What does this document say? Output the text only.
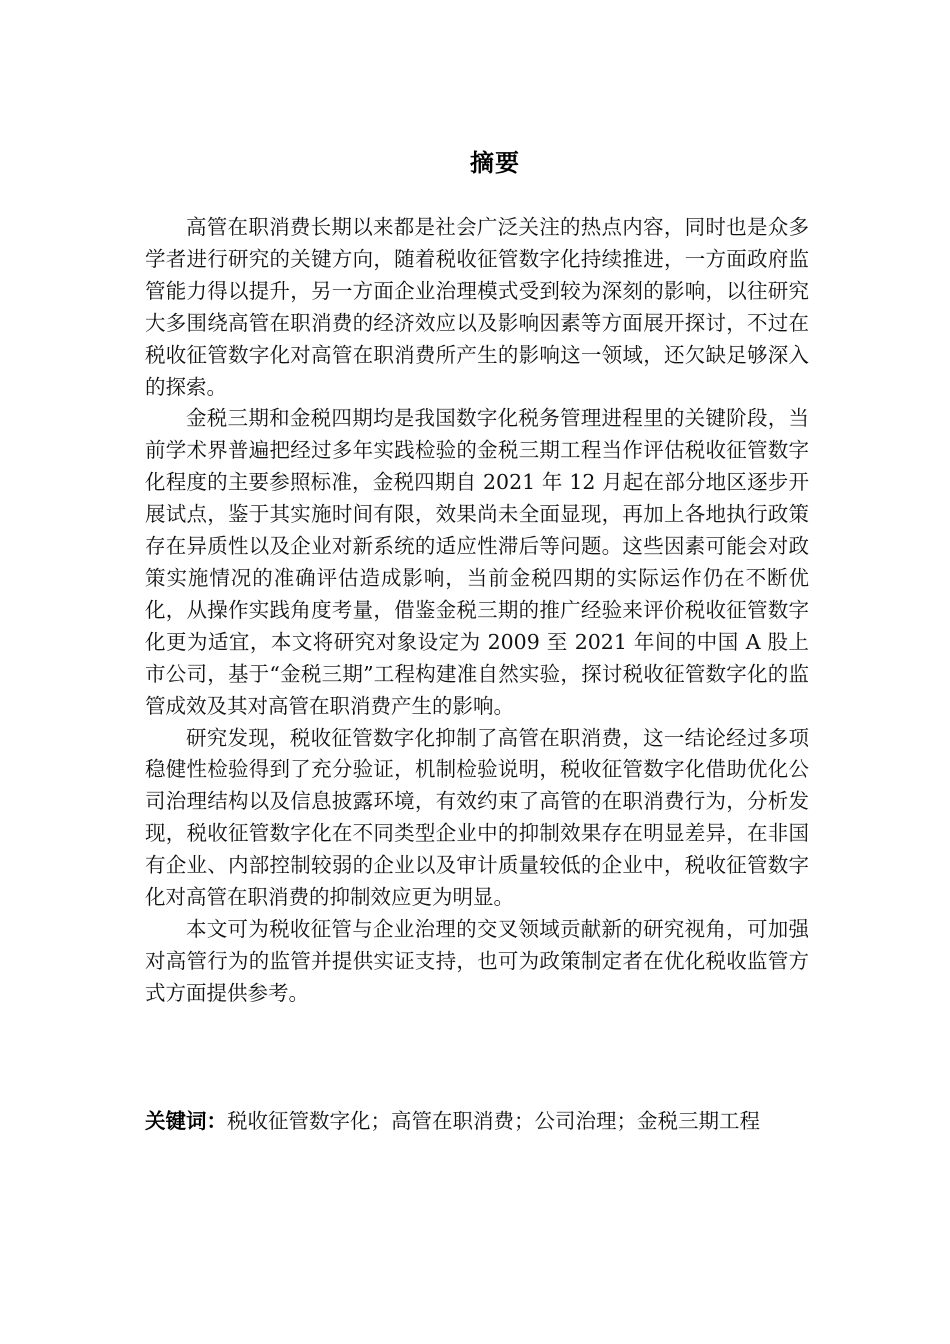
摘要

高管在职消费长期以来都是社会广泛关注的热点内容，同时也是众多学者进行研究的关键方向，随着税收征管数字化持续推进，一方面政府监管能力得以提升，另一方面企业治理模式受到较为深刻的影响，以往研究大多围绕高管在职消费的经济效应以及影响因素等方面展开探讨，不过在税收征管数字化对高管在职消费所产生的影响这一领域，还欠缺足够深入的探索。

金税三期和金税四期均是我国数字化税务管理进程里的关键阶段，当前学术界普遍把经过多年实践检验的金税三期工程当作评估税收征管数字化程度的主要参照标准，金税四期自 2021 年 12 月起在部分地区逐步开展试点，鉴于其实施时间有限，效果尚未全面显现，再加上各地执行政策存在异质性以及企业对新系统的适应性滞后等问题。这些因素可能会对政策实施情况的准确评估造成影响，当前金税四期的实际运作仍在不断优化，从操作实践角度考量，借鉴金税三期的推广经验来评价税收征管数字化更为适宜，本文将研究对象设定为 2009 至 2021 年间的中国 A 股上市公司，基于“金税三期”工程构建准自然实验，探讨税收征管数字化的监管成效及其对高管在职消费产生的影响。

研究发现，税收征管数字化抑制了高管在职消费，这一结论经过多项稳健性检验得到了充分验证，机制检验说明，税收征管数字化借助优化公司治理结构以及信息披露环境，有效约束了高管的在职消费行为，分析发现，税收征管数字化在不同类型企业中的抑制效果存在明显差异，在非国有企业、内部控制较弱的企业以及审计质量较低的企业中，税收征管数字化对高管在职消费的抑制效应更为明显。

本文可为税收征管与企业治理的交叉领域贡献新的研究视角，可加强对高管行为的监管并提供实证支持，也可为政策制定者在优化税收监管方式方面提供参考。

关键词：税收征管数字化；高管在职消费；公司治理；金税三期工程
